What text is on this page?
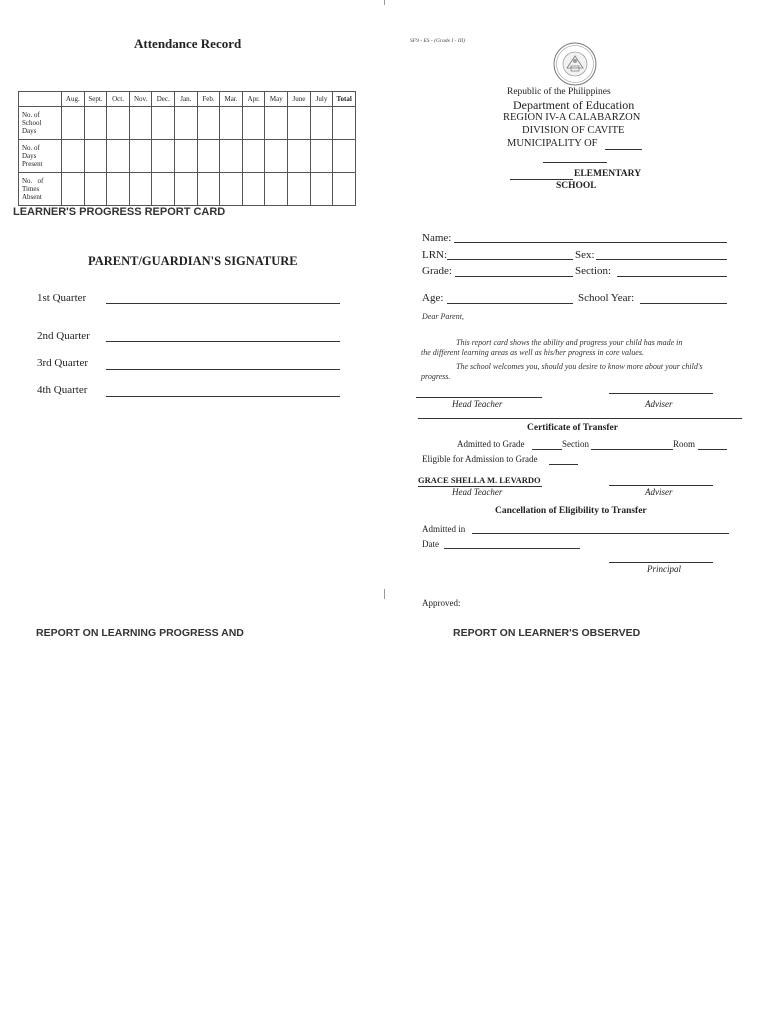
Attendance Record
	Aug.	Sept.	Oct.	Nov.	Dec.	Jan.	Feb.	Mar.	Apr.	May	June	July	Total

No. of
School
Days													

No. of
Days
Present													

No.   of
Times
Absent													

LEARNER'S PROGRESS REPORT CARD
PARENT/GUARDIAN'S SIGNATURE
1st Quarter
2nd Quarter
3rd Quarter
4th Quarter
REPORT ON LEARNING PROGRESS AND
SF9 - ES - (Grade I - III)
Republic of the Philippines
Department of Education
REGION IV-A CALABARZON
DIVISION OF CAVITE
MUNICIPALITY OF
ELEMENTARY
SCHOOL
Name:
LRN:	Sex:
Grade:	Section:
Age:	School Year:
Dear Parent,
This report card shows the ability and progress your child has made in
the different learning areas as well as his/her progress in core values.
The school welcomes you, should you desire to know more about your child's
progress.
Head Teacher	Adviser
Certificate of Transfer
Admitted to Grade	Section	Room
Eligible for Admission to Grade
GRACE SHELLA M. LEVARDO
Head Teacher	Adviser
Cancellation of Eligibility to Transfer
Admitted in
Date
Principal
Approved:
REPORT ON LEARNER'S OBSERVED
